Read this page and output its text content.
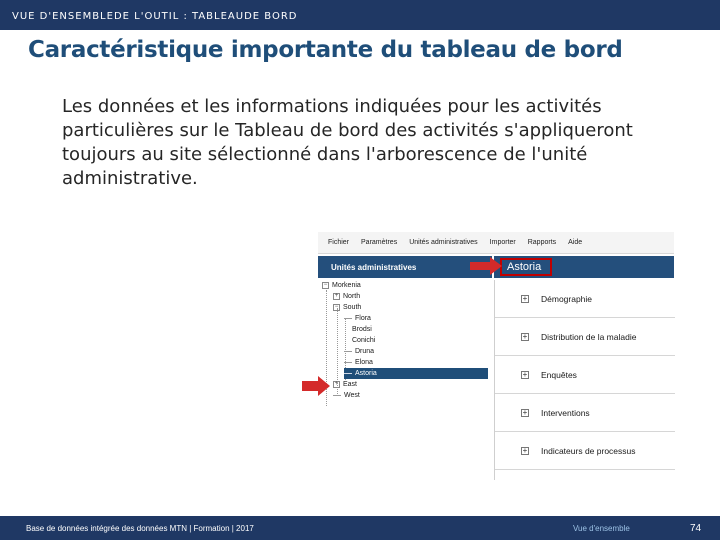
VUE D'ENSEMBLEDE L'OUTIL : TABLEAUDE BORD
Caractéristique importante du tableau de bord
Les données et les informations indiquées pour les activités particulières sur le Tableau de bord des activités s'appliqueront toujours au site sélectionné dans l'arborescence de l'unité administrative.
Fichier Paramètres Unités administratives Importer Rapports Aide
Unités administratives	Astoria
− Morkenia
+ North
− South
Flora
Brodsi
Conichi
Druna
Elona
Astoria
+ East
West
+ Démographie
+ Distribution de la maladie
+ Enquêtes
+ Interventions
+ Indicateurs de processus
Base de données intégrée des données MTN | Formation | 2017	Vue d'ensemble	74
